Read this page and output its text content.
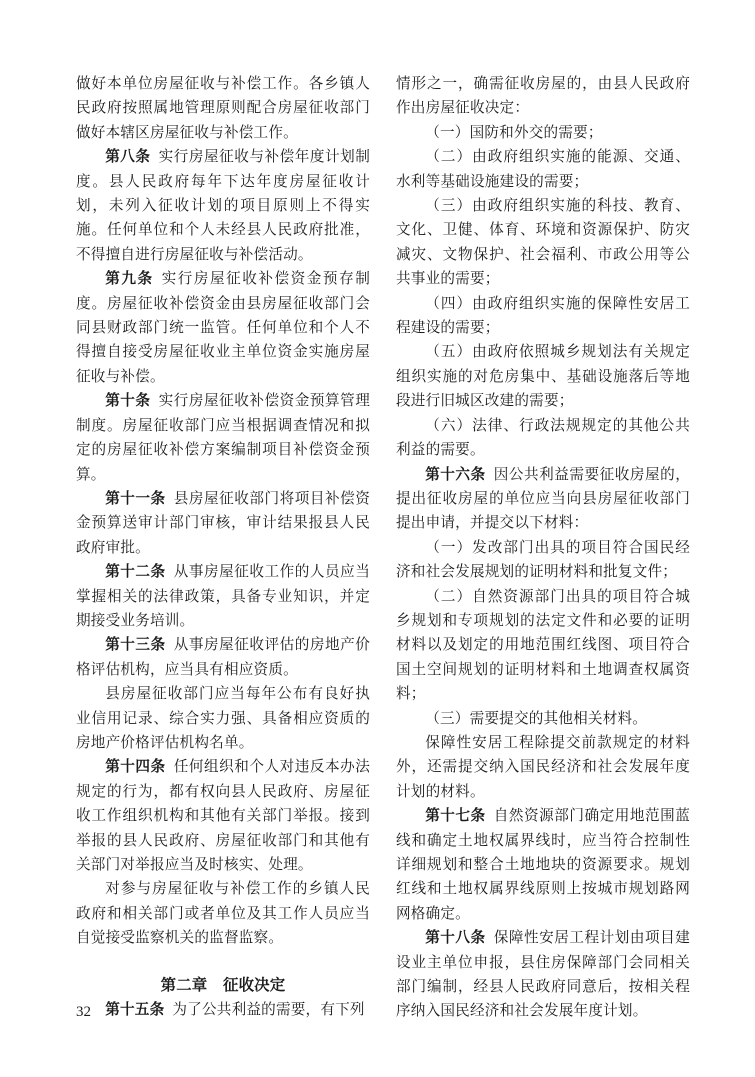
做好本单位房屋征收与补偿工作。各乡镇人民政府按照属地管理原则配合房屋征收部门做好本辖区房屋征收与补偿工作。

第八条 实行房屋征收与补偿年度计划制度。县人民政府每年下达年度房屋征收计划，未列入征收计划的项目原则上不得实施。任何单位和个人未经县人民政府批准，不得擅自进行房屋征收与补偿活动。

第九条 实行房屋征收补偿资金预存制度。房屋征收补偿资金由县房屋征收部门会同县财政部门统一监管。任何单位和个人不得擅自接受房屋征收业主单位资金实施房屋征收与补偿。

第十条 实行房屋征收补偿资金预算管理制度。房屋征收部门应当根据调查情况和拟定的房屋征收补偿方案编制项目补偿资金预算。

第十一条 县房屋征收部门将项目补偿资金预算送审计部门审核，审计结果报县人民政府审批。

第十二条 从事房屋征收工作的人员应当掌握相关的法律政策，具备专业知识，并定期接受业务培训。

第十三条 从事房屋征收评估的房地产价格评估机构，应当具有相应资质。

县房屋征收部门应当每年公布有良好执业信用记录、综合实力强、具备相应资质的房地产价格评估机构名单。

第十四条 任何组织和个人对违反本办法规定的行为，都有权向县人民政府、房屋征收工作组织机构和其他有关部门举报。接到举报的县人民政府、房屋征收部门和其他有关部门对举报应当及时核实、处理。

对参与房屋征收与补偿工作的乡镇人民政府和相关部门或者单位及其工作人员应当自觉接受监察机关的监督监察。

第二章　征收决定

第十五条 为了公共利益的需要，有下列

情形之一，确需征收房屋的，由县人民政府作出房屋征收决定：

（一）国防和外交的需要；

（二）由政府组织实施的能源、交通、水利等基础设施建设的需要；

（三）由政府组织实施的科技、教育、文化、卫健、体育、环境和资源保护、防灾减灾、文物保护、社会福利、市政公用等公共事业的需要；

（四）由政府组织实施的保障性安居工程建设的需要；

（五）由政府依照城乡规划法有关规定组织实施的对危房集中、基础设施落后等地段进行旧城区改建的需要；

（六）法律、行政法规规定的其他公共利益的需要。

第十六条 因公共利益需要征收房屋的，提出征收房屋的单位应当向县房屋征收部门提出申请，并提交以下材料：

（一）发改部门出具的项目符合国民经济和社会发展规划的证明材料和批复文件；

（二）自然资源部门出具的项目符合城乡规划和专项规划的法定文件和必要的证明材料以及划定的用地范围红线图、项目符合国土空间规划的证明材料和土地调查权属资料；

（三）需要提交的其他相关材料。

保障性安居工程除提交前款规定的材料外，还需提交纳入国民经济和社会发展年度计划的材料。

第十七条 自然资源部门确定用地范围蓝线和确定土地权属界线时，应当符合控制性详细规划和整合土地地块的资源要求。规划红线和土地权属界线原则上按城市规划路网网格确定。

第十八条 保障性安居工程计划由项目建设业主单位申报，县住房保障部门会同相关部门编制，经县人民政府同意后，按相关程序纳入国民经济和社会发展年度计划。

32
